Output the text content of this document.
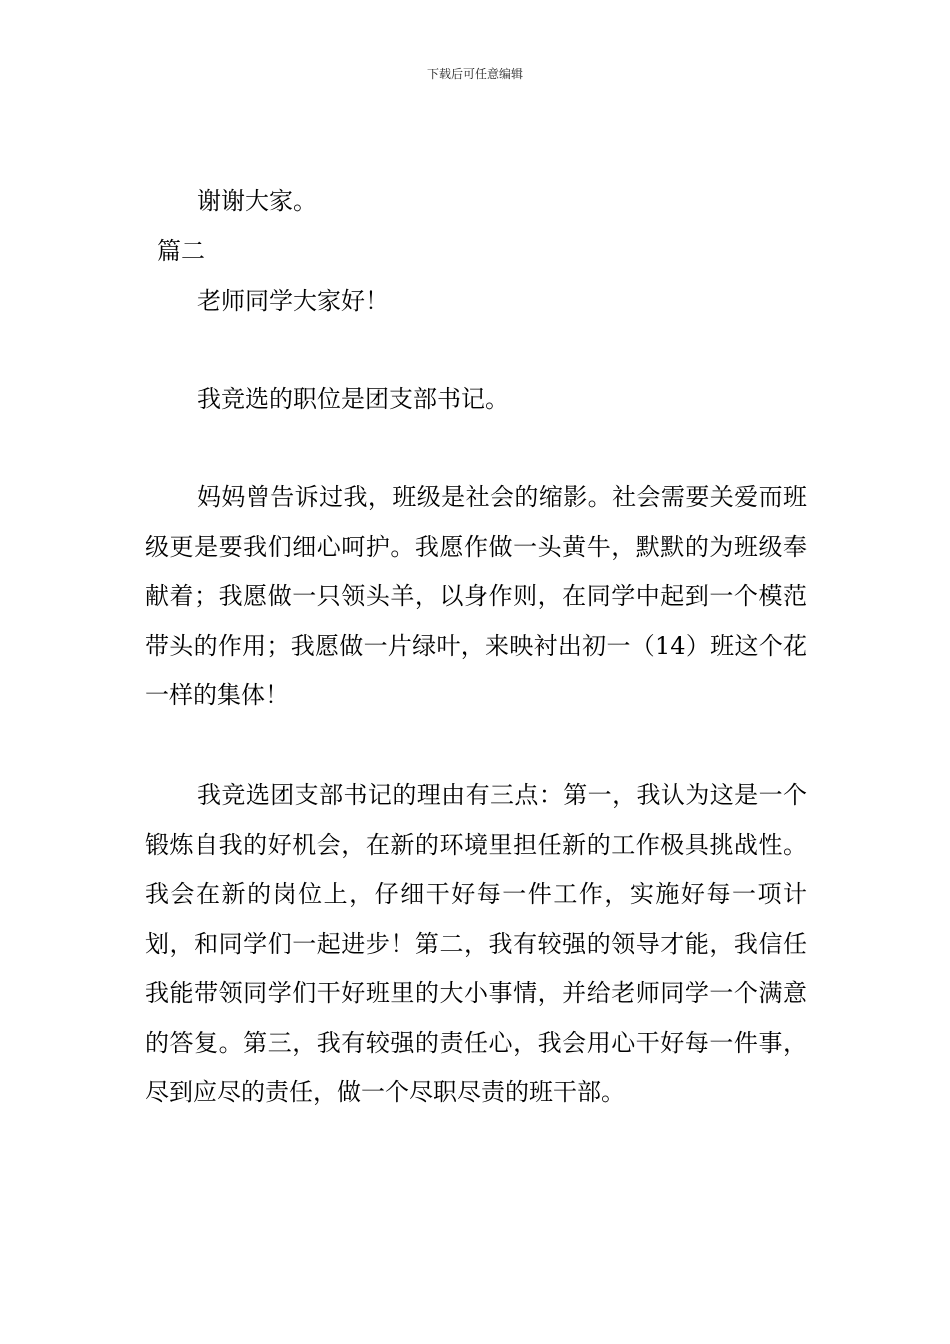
下载后可任意编辑
谢谢大家。
篇二
老师同学大家好！
我竞选的职位是团支部书记。
妈妈曾告诉过我，班级是社会的缩影。社会需要关爱而班级更是要我们细心呵护。我愿作做一头黄牛，默默的为班级奉献着；我愿做一只领头羊，以身作则，在同学中起到一个模范带头的作用；我愿做一片绿叶，来映衬出初一（14）班这个花一样的集体！
我竞选团支部书记的理由有三点：第一，我认为这是一个锻炼自我的好机会，在新的环境里担任新的工作极具挑战性。我会在新的岗位上，仔细干好每一件工作，实施好每一项计划，和同学们一起进步！第二，我有较强的领导才能，我信任我能带领同学们干好班里的大小事情，并给老师同学一个满意的答复。第三，我有较强的责任心，我会用心干好每一件事，尽到应尽的责任，做一个尽职尽责的班干部。
